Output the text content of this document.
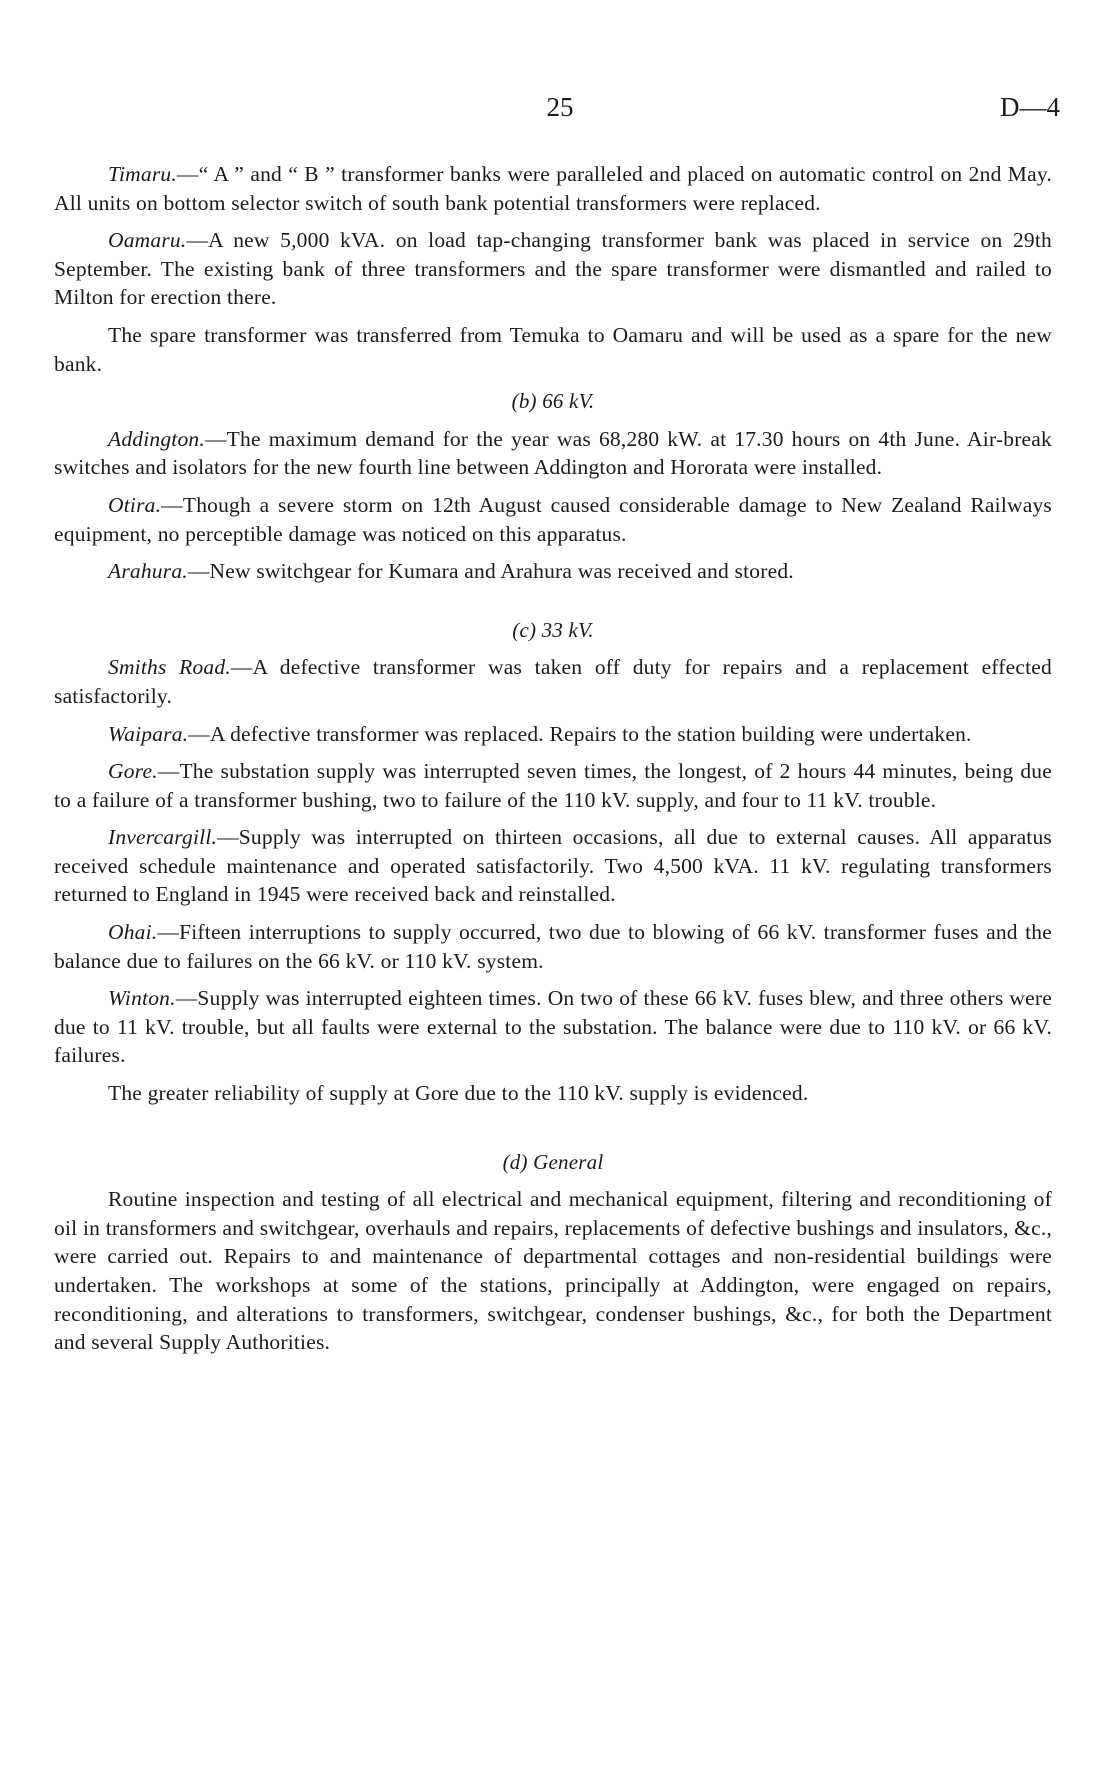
25	D—4

Timaru.—“ A ” and “ B ” transformer banks were paralleled and placed on automatic control on 2nd May. All units on bottom selector switch of south bank potential transformers were replaced.

Oamaru.—A new 5,000 kVA. on load tap-changing transformer bank was placed in service on 29th September. The existing bank of three transformers and the spare transformer were dismantled and railed to Milton for erection there.

The spare transformer was transferred from Temuka to Oamaru and will be used as a spare for the new bank.

(b) 66 kV.

Addington.—The maximum demand for the year was 68,280 kW. at 17.30 hours on 4th June. Air-break switches and isolators for the new fourth line between Addington and Hororata were installed.

Otira.—Though a severe storm on 12th August caused considerable damage to New Zealand Railways equipment, no perceptible damage was noticed on this apparatus.

Arahura.—New switchgear for Kumara and Arahura was received and stored.

(c) 33 kV.

Smiths Road.—A defective transformer was taken off duty for repairs and a replacement effected satisfactorily.

Waipara.—A defective transformer was replaced. Repairs to the station building were undertaken.

Gore.—The substation supply was interrupted seven times, the longest, of 2 hours 44 minutes, being due to a failure of a transformer bushing, two to failure of the 110 kV. supply, and four to 11 kV. trouble.

Invercargill.—Supply was interrupted on thirteen occasions, all due to external causes. All apparatus received schedule maintenance and operated satisfactorily. Two 4,500 kVA. 11 kV. regulating transformers returned to England in 1945 were received back and reinstalled.

Ohai.—Fifteen interruptions to supply occurred, two due to blowing of 66 kV. transformer fuses and the balance due to failures on the 66 kV. or 110 kV. system.

Winton.—Supply was interrupted eighteen times. On two of these 66 kV. fuses blew, and three others were due to 11 kV. trouble, but all faults were external to the substation. The balance were due to 110 kV. or 66 kV. failures.

The greater reliability of supply at Gore due to the 110 kV. supply is evidenced.

(d) General

Routine inspection and testing of all electrical and mechanical equipment, filtering and reconditioning of oil in transformers and switchgear, overhauls and repairs, replacements of defective bushings and insulators, &c., were carried out. Repairs to and maintenance of departmental cottages and non-residential buildings were undertaken. The workshops at some of the stations, principally at Addington, were engaged on repairs, reconditioning, and alterations to transformers, switchgear, condenser bushings, &c., for both the Department and several Supply Authorities.
